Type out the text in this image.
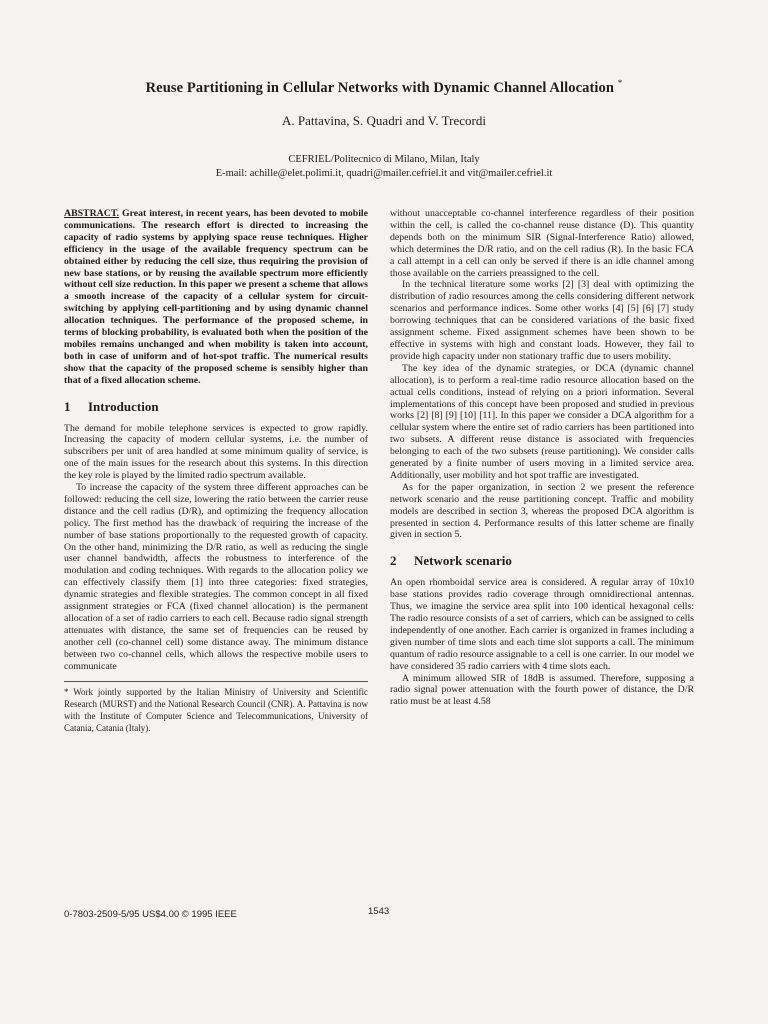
Reuse Partitioning in Cellular Networks with Dynamic Channel Allocation *
A. Pattavina, S. Quadri and V. Trecordi
CEFRIEL/Politecnico di Milano, Milan, Italy
E-mail: achille@elet.polimi.it, quadri@mailer.cefriel.it and vit@mailer.cefriel.it

ABSTRACT. Great interest, in recent years, has been devoted to mobile communications. The research effort is directed to increasing the capacity of radio systems by applying space reuse techniques. Higher efficiency in the usage of the available frequency spectrum can be obtained either by reducing the cell size, thus requiring the provision of new base stations, or by reusing the available spectrum more efficiently without cell size reduction. In this paper we present a scheme that allows a smooth increase of the capacity of a cellular system for circuit-switching by applying cell-partitioning and by using dynamic channel allocation techniques. The performance of the proposed scheme, in terms of blocking probability, is evaluated both when the position of the mobiles remains unchanged and when mobility is taken into account, both in case of uniform and of hot-spot traffic. The numerical results show that the capacity of the proposed scheme is sensibly higher than that of a fixed allocation scheme.

1 Introduction

The demand for mobile telephone services is expected to grow rapidly. Increasing the capacity of modern cellular systems, i.e. the number of subscribers per unit of area handled at some minimum quality of service, is one of the main issues for the research about this systems. In this direction the key role is played by the limited radio spectrum available.

To increase the capacity of the system three different approaches can be followed: reducing the cell size, lowering the ratio between the carrier reuse distance and the cell radius (D/R), and optimizing the frequency allocation policy. The first method has the drawback of requiring the increase of the number of base stations proportionally to the requested growth of capacity. On the other hand, minimizing the D/R ratio, as well as reducing the single user channel bandwidth, affects the robustness to interference of the modulation and coding techniques. With regards to the allocation policy we can effectively classify them [1] into three categories: fixed strategies, dynamic strategies and flexible strategies. The common concept in all fixed assignment strategies or FCA (fixed channel allocation) is the permanent allocation of a set of radio carriers to each cell. Because radio signal strength attenuates with distance, the same set of frequencies can be reused by another cell (co-channel cell) some distance away. The minimum distance between two co-channel cells, which allows the respective mobile users to communicate

* Work jointly supported by the Italian Ministry of University and Scientific Research (MURST) and the National Research Council (CNR). A. Pattavina is now with the Institute of Computer Science and Telecommunications, University of Catania, Catania (Italy).

without unacceptable co-channel interference regardless of their position within the cell, is called the co-channel reuse distance (D). This quantity depends both on the minimum SIR (Signal-Interference Ratio) allowed, which determines the D/R ratio, and on the cell radius (R). In the basic FCA a call attempt in a cell can only be served if there is an idle channel among those available on the carriers preassigned to the cell.

In the technical literature some works [2] [3] deal with optimizing the distribution of radio resources among the cells considering different network scenarios and performance indices. Some other works [4] [5] [6] [7] study borrowing techniques that can be considered variations of the basic fixed assignment scheme. Fixed assignment schemes have been shown to be effective in systems with high and constant loads. However, they fail to provide high capacity under non stationary traffic due to users mobility.

The key idea of the dynamic strategies, or DCA (dynamic channel allocation), is to perform a real-time radio resource allocation based on the actual cells conditions, instead of relying on a priori information. Several implementations of this concept have been proposed and studied in previous works [2] [8] [9] [10] [11]. In this paper we consider a DCA algorithm for a cellular system where the entire set of radio carriers has been partitioned into two subsets. A different reuse distance is associated with frequencies belonging to each of the two subsets (reuse partitioning). We consider calls generated by a finite number of users moving in a limited service area. Additionally, user mobility and hot spot traffic are investigated.

As for the paper organization, in section 2 we present the reference network scenario and the reuse partitioning concept. Traffic and mobility models are described in section 3, whereas the proposed DCA algorithm is presented in section 4. Performance results of this latter scheme are finally given in section 5.

2 Network scenario

An open rhomboidal service area is considered. A regular array of 10x10 base stations provides radio coverage through omnidirectional antennas. Thus, we imagine the service area split into 100 identical hexagonal cells: The radio resource consists of a set of carriers, which can be assigned to cells independently of one another. Each carrier is organized in frames including a given number of time slots and each time slot supports a call. The minimum quantum of radio resource assignable to a cell is one carrier. In our model we have considered 35 radio carriers with 4 time slots each.

A minimum allowed SIR of 18dB is assumed. Therefore, supposing a radio signal power attenuation with the fourth power of distance, the D/R ratio must be at least 4.58

0-7803-2509-5/95 US$4.00 © 1995 IEEE	1543
